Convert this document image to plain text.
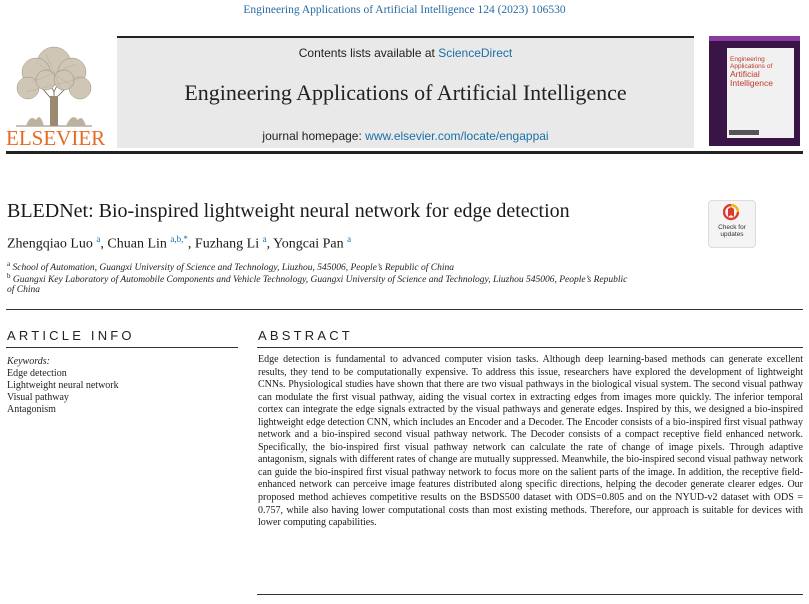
Engineering Applications of Artificial Intelligence 124 (2023) 106530
ELSEVIER
Contents lists available at ScienceDirect
Engineering Applications of Artificial Intelligence
journal homepage: www.elsevier.com/locate/engappai
Engineering Applications of
Artificial Intelligence
BLEDNet: Bio-inspired lightweight neural network for edge detection
Check for updates
Zhengqiao Luo $^a$, Chuan Lin $^{a,b,*}$, Fuzhang Li $^a$, Yongcai Pan $^a$
$^a$ School of Automation, Guangxi University of Science and Technology, Liuzhou, 545006, People’s Republic of China
$^b$ Guangxi Key Laboratory of Automobile Components and Vehicle Technology, Guangxi University of Science and Technology, Liuzhou 545006, People’s Republic
of China
ARTICLE INFO
Keywords:
Edge detection
Lightweight neural network
Visual pathway
Antagonism
ABSTRACT
Edge detection is fundamental to advanced computer vision tasks. Although deep learning-based methods can generate excellent results, they tend to be computationally expensive. To address this issue, researchers have explored the development of lightweight CNNs. Physiological studies have shown that there are two visual pathways in the biological visual system. The second visual pathway can modulate the first visual pathway, aiding the visual cortex in extracting edges from images more quickly. The inferior temporal cortex can integrate the edge signals extracted by the visual pathways and generate edges. Inspired by this, we designed a bio-inspired lightweight edge detection CNN, which includes an Encoder and a Decoder. The Encoder consists of a bio-inspired first visual pathway network and a bio-inspired second visual pathway network. The Decoder consists of a compact receptive field enhanced network. Specifically, the bio-inspired first visual pathway network can calculate the rate of change of image pixels. Through adaptive antagonism, signals with different rates of change are mutually suppressed. Meanwhile, the bio-inspired second visual pathway network can guide the bio-inspired first visual pathway network to focus more on the salient parts of the image. In addition, the receptive field-enhanced network can perceive image features distributed along specific directions, helping the decoder generate clearer edges. Our proposed method achieves competitive results on the BSDS500 dataset with ODS=0.805 and on the NYUD-v2 dataset with ODS = 0.757, while also having lower computational costs than most existing methods. Therefore, our approach is suitable for devices with lower computing capabilities.
